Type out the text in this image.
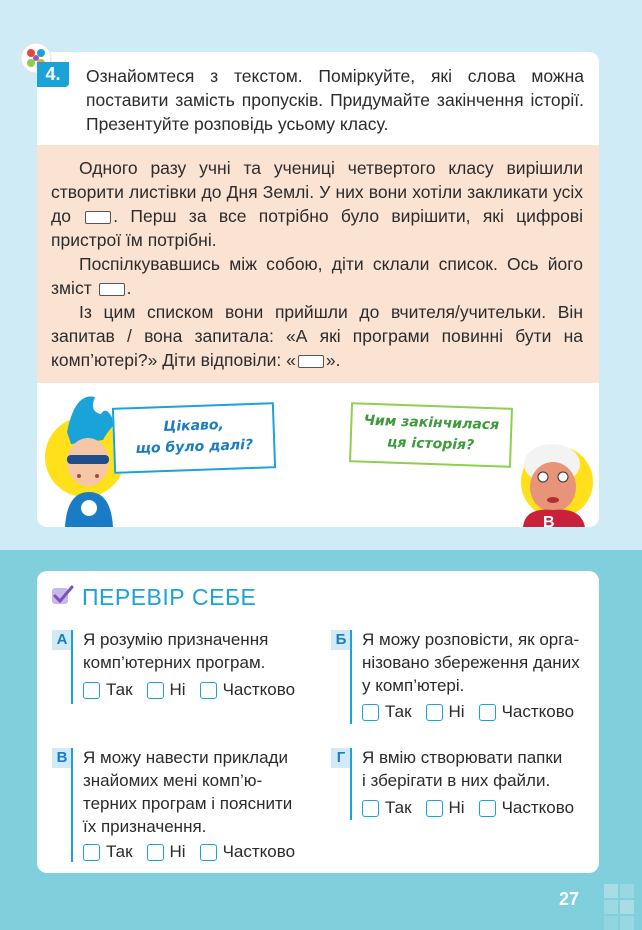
B
4.	Ознайомтеся з текстом. Поміркуйте, які слова можна поставити замість пропусків. Придумайте закінчення історії. Презентуйте розповідь усьому класу.

Одного разу учні та учениці четвертого класу вирішили створити листівки до Дня Землі. У них вони хотіли закликати усіх до . Перш за все потрібно було вирішити, які цифрові пристрої їм потрібні.

Поспілкувавшись між собою, діти склали список. Ось його зміст .

Із цим списком вони прийшли до вчителя/учительки. Він запитав / вона запитала: «А які програми повинні бути на комп’ютері?» Діти відповіли: « ».

Цікаво,
що було далі?
Чим закінчилася
ця історія?
ПЕРЕВІР СЕБЕ
А Я розумію призначення
комп’ютерних програм.
Так Ні Частково
Б Я можу розповісти, як орга-
нізовано збереження даних
у комп’ютері.
Так Ні Частково
В Я можу навести приклади
знайомих мені комп’ю-
терних програм і пояснити
їх призначення.
Так Ні Частково
Г Я вмію створювати папки
і зберігати в них файли.
Так Ні Частково
27
